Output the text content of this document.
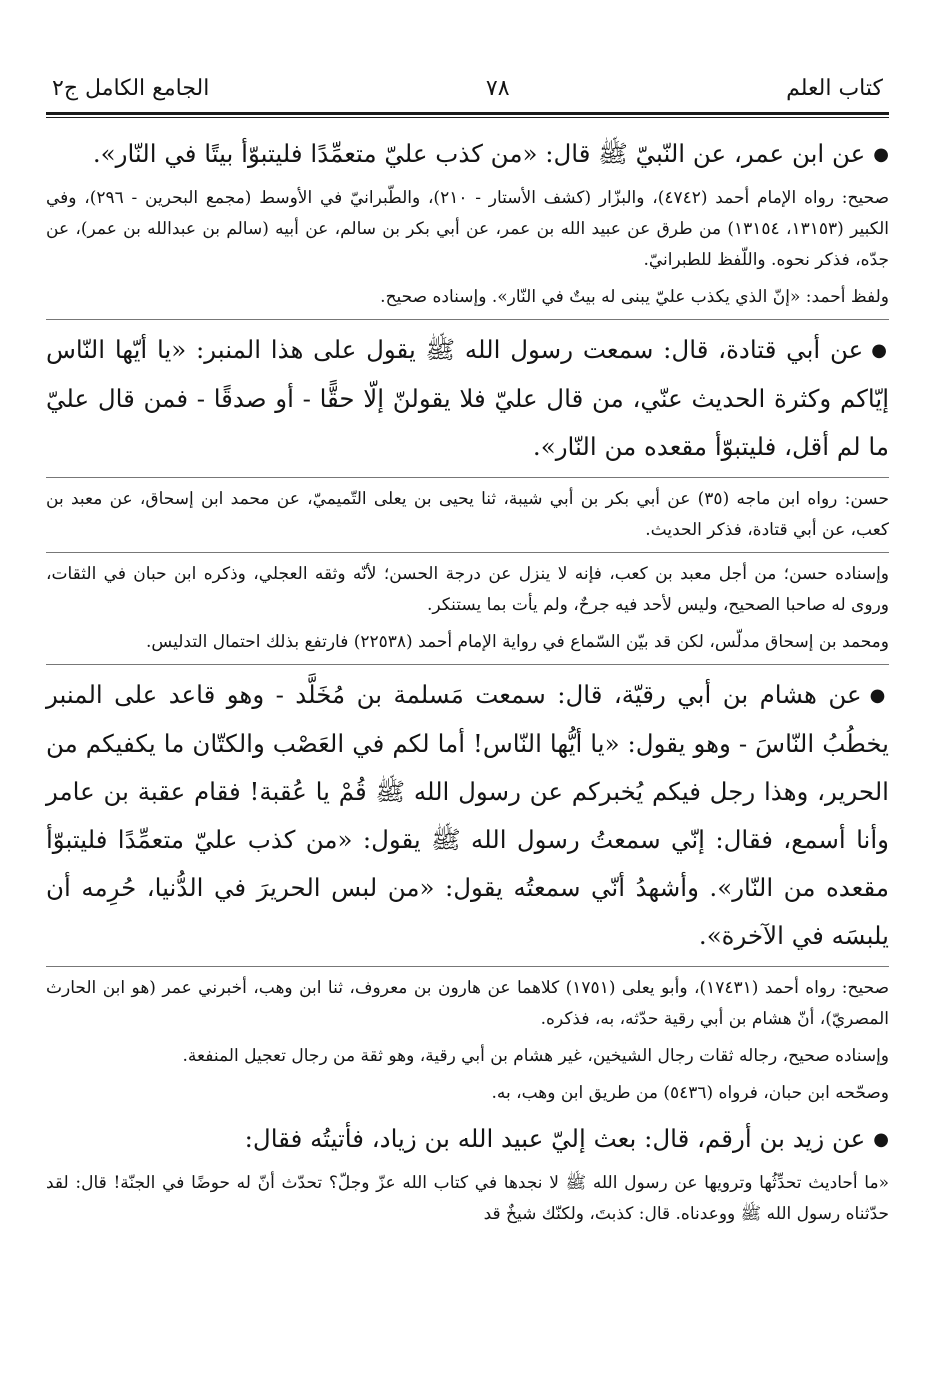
كتاب العلم
٧٨
الجامع الكامل ج٢

●عن ابن عمر، عن النّبيّ ﷺ قال: «من كذب عليّ متعمِّدًا فليتبوّأ بيتًا في النّار».

صحيح: رواه الإمام أحمد (٤٧٤٢)، والبزّار (كشف الأستار - ٢١٠)، والطّبرانيّ في الأوسط (مجمع البحرين - ٢٩٦)، وفي الكبير (١٣١٥٣، ١٣١٥٤) من طرق عن عبيد الله بن عمر، عن أبي بكر بن سالم، عن أبيه (سالم بن عبدالله بن عمر)، عن جدّه، فذكر نحوه. واللّفظ للطبرانيّ.

ولفظ أحمد: «إنّ الذي يكذب عليّ يبنى له بيتٌ في النّار». وإسناده صحيح.

●عن أبي قتادة، قال: سمعت رسول الله ﷺ يقول على هذا المنبر: «يا أيّها النّاس إيّاكم وكثرة الحديث عنّي، من قال عليّ فلا يقولنّ إلّا حقًّا - أو صدقًا - فمن قال عليّ ما لم أقل، فليتبوّأ مقعده من النّار».

حسن: رواه ابن ماجه (٣٥) عن أبي بكر بن أبي شيبة، ثنا يحيى بن يعلى التّميميّ، عن محمد ابن إسحاق، عن معبد بن كعب، عن أبي قتادة، فذكر الحديث.

وإسناده حسن؛ من أجل معبد بن كعب، فإنه لا ينزل عن درجة الحسن؛ لأنّه وثقه العجلي، وذكره ابن حبان في الثقات، وروى له صاحبا الصحيح، وليس لأحد فيه جرحٌ، ولم يأت بما يستنكر.

ومحمد بن إسحاق مدلّس، لكن قد بيّن السّماع في رواية الإمام أحمد (٢٢٥٣٨) فارتفع بذلك احتمال التدليس.

●عن هشام بن أبي رقيّة، قال: سمعت مَسلمة بن مُخَلَّد - وهو قاعد على المنبر يخطُبُ النّاسَ - وهو يقول: «يا أيُّها النّاس! أما لكم في العَصْب والكتّان ما يكفيكم من الحرير، وهذا رجل فيكم يُخبركم عن رسول الله ﷺ قُمْ يا عُقبة! فقام عقبة بن عامر وأنا أسمع، فقال: إنّي سمعتُ رسول الله ﷺ يقول: «من كذب عليّ متعمِّدًا فليتبوّأ مقعده من النّار». وأشهدُ أنّي سمعتُه يقول: «من لبس الحريرَ في الدُّنيا، حُرِمه أن يلبسَه في الآخرة».

صحيح: رواه أحمد (١٧٤٣١)، وأبو يعلى (١٧٥١) كلاهما عن هارون بن معروف، ثنا ابن وهب، أخبرني عمر (هو ابن الحارث المصريّ)، أنّ هشام بن أبي رقية حدّثه، به، فذكره.

وإسناده صحيح، رجاله ثقات رجال الشيخين، غير هشام بن أبي رقية، وهو ثقة من رجال تعجيل المنفعة.

وصحّحه ابن حبان، فرواه (٥٤٣٦) من طريق ابن وهب، به.

●عن زيد بن أرقم، قال: بعث إليّ عبيد الله بن زياد، فأتيتُه فقال:

«ما أحاديث تحدِّثُها وترويها عن رسول الله ﷺ لا نجدها في كتاب الله عزّ وجلّ؟ تحدّث أنّ له حوضًا في الجنّة! قال: لقد حدّثناه رسول الله ﷺ ووعدناه. قال: كذبتَ، ولكنّك شيخٌ قد
